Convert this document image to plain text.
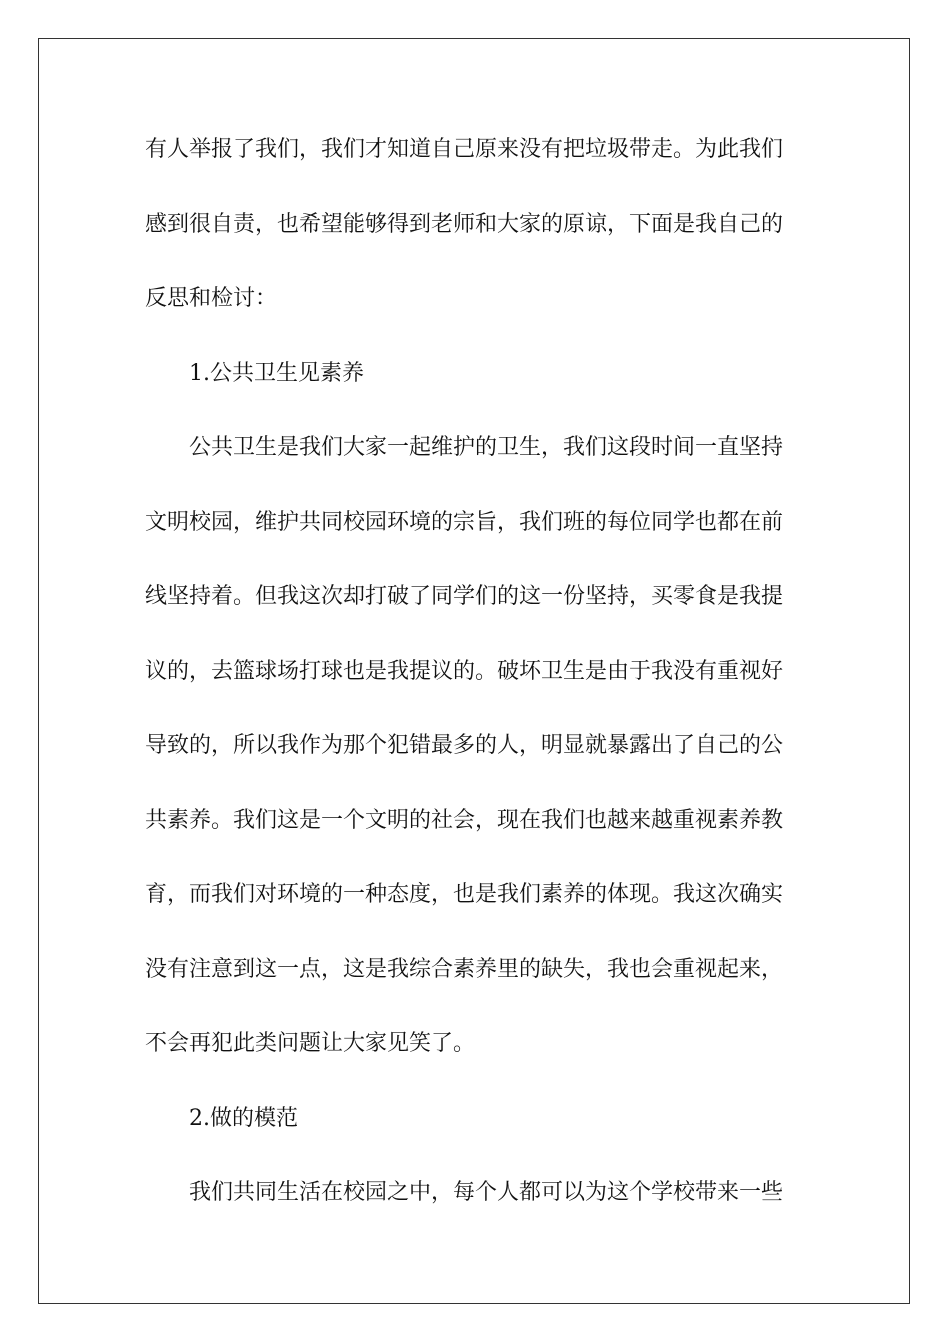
有人举报了我们，我们才知道自己原来没有把垃圾带走。为此我们
感到很自责，也希望能够得到老师和大家的原谅，下面是我自己的
反思和检讨：
1.公共卫生见素养
公共卫生是我们大家一起维护的卫生，我们这段时间一直坚持
文明校园，维护共同校园环境的宗旨，我们班的每位同学也都在前
线坚持着。但我这次却打破了同学们的这一份坚持，买零食是我提
议的，去篮球场打球也是我提议的。破坏卫生是由于我没有重视好
导致的，所以我作为那个犯错最多的人，明显就暴露出了自己的公
共素养。我们这是一个文明的社会，现在我们也越来越重视素养教
育，而我们对环境的一种态度，也是我们素养的体现。我这次确实
没有注意到这一点，这是我综合素养里的缺失，我也会重视起来，
不会再犯此类问题让大家见笑了。
2.做的模范
我们共同生活在校园之中，每个人都可以为这个学校带来一些
